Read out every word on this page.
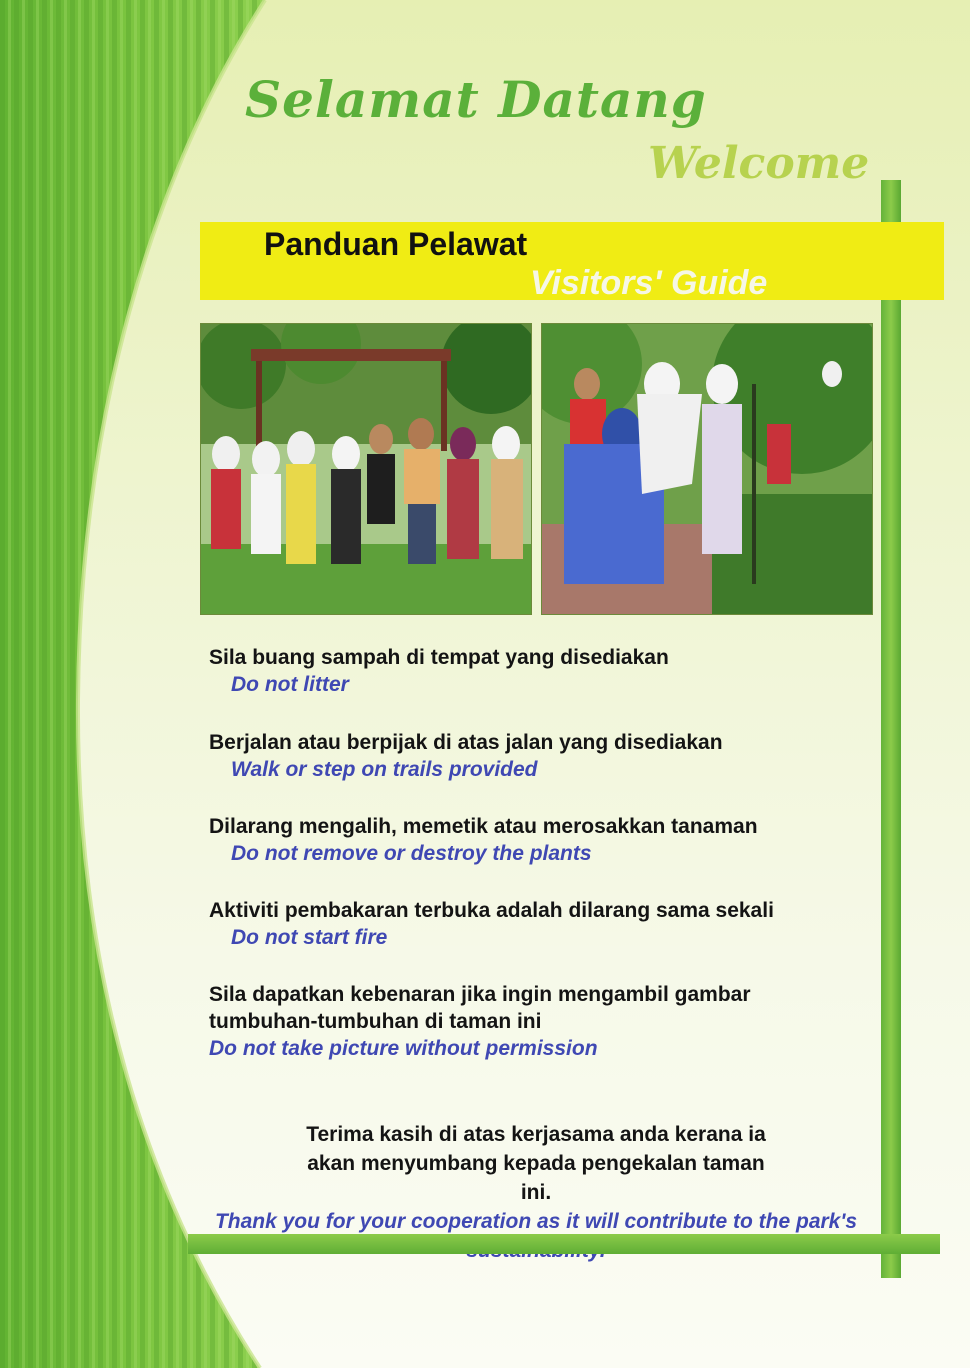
Selamat Datang
Welcome

Panduan Pelawat

Visitors' Guide

Sila buang sampah di tempat yang disediakan

Do not litter

Berjalan atau berpijak di atas jalan yang disediakan

Walk or step on trails provided

Dilarang mengalih, memetik atau merosakkan tanaman

Do not remove or destroy the plants

Aktiviti pembakaran terbuka adalah dilarang sama sekali

Do not start fire

Sila dapatkan kebenaran jika ingin mengambil gambar tumbuhan-tumbuhan di taman ini

Do not take picture without permission

Terima kasih di atas kerjasama anda kerana ia akan menyumbang kepada pengekalan taman ini.

Thank you for your cooperation as it will contribute to the park's
